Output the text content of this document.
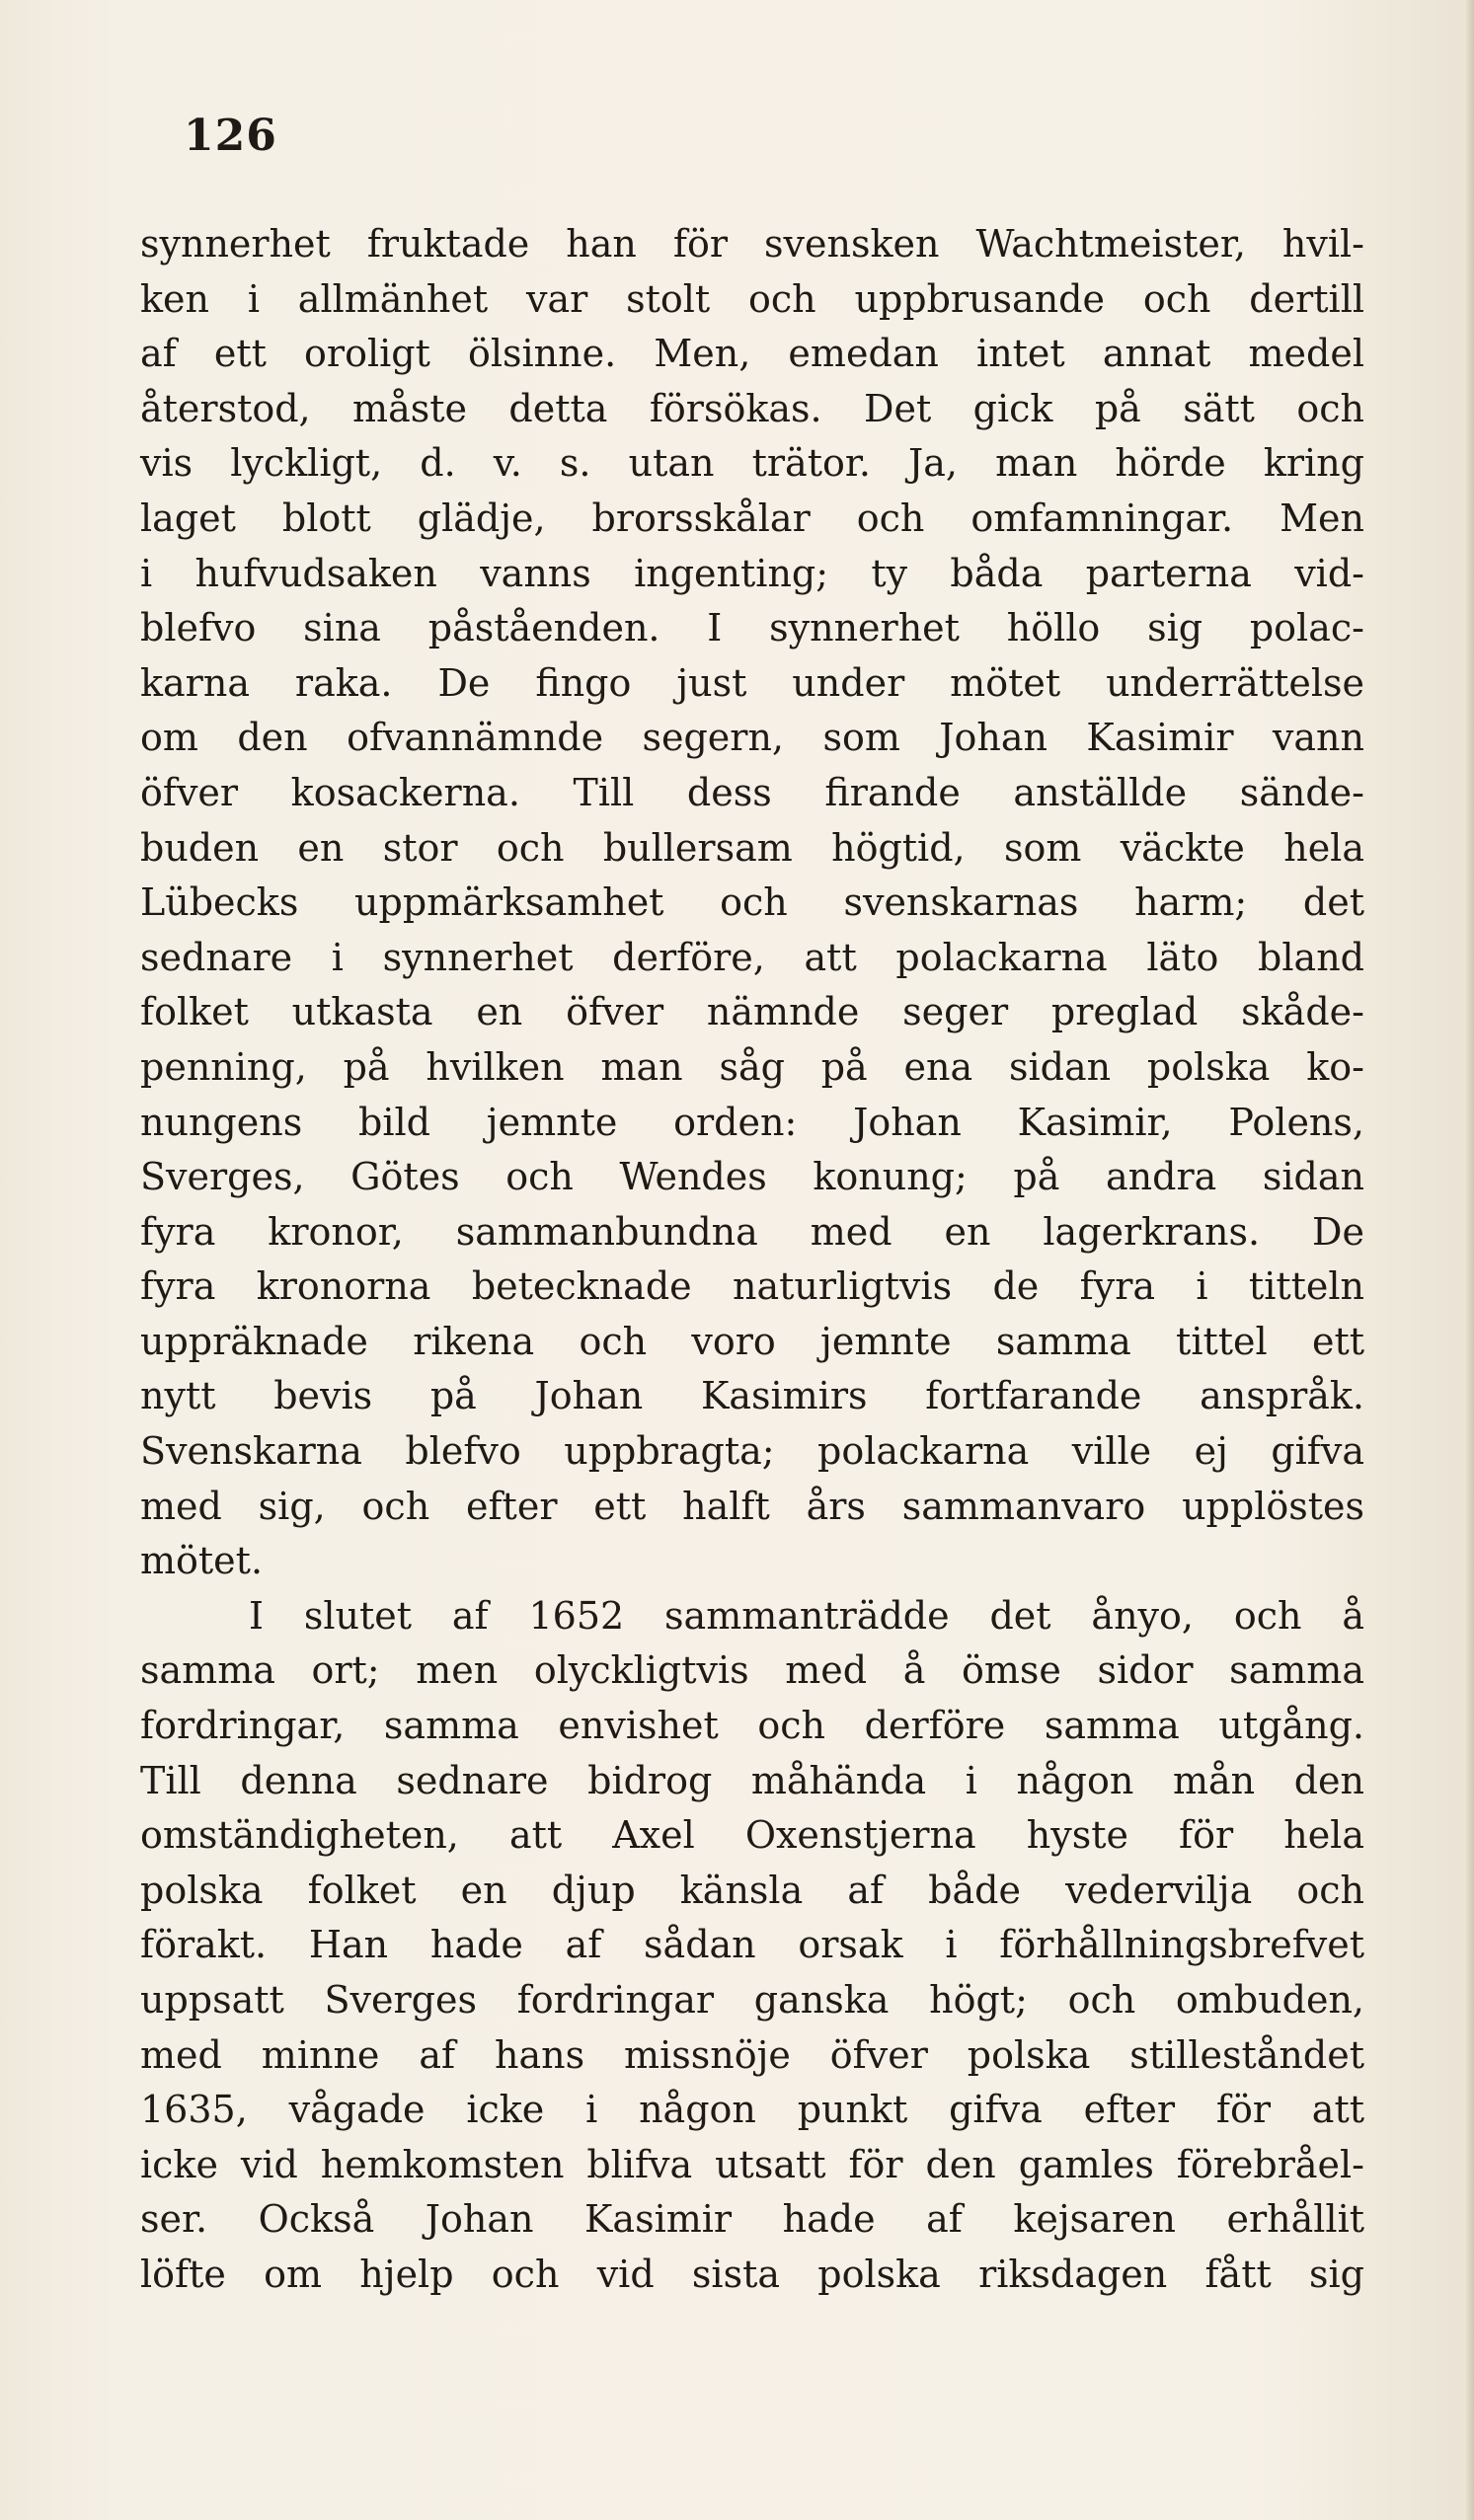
126
synnerhet fruktade han för svensken Wachtmeister, hvil-
ken i allmänhet var stolt och uppbrusande och dertill
af ett oroligt ölsinne. Men, emedan intet annat medel
återstod, måste detta försökas. Det gick på sätt och
vis lyckligt, d. v. s. utan trätor. Ja, man hörde kring
laget blott glädje, brorsskålar och omfamningar. Men
i hufvudsaken vanns ingenting; ty båda parterna vid-
blefvo sina påståenden. I synnerhet höllo sig polac-
karna raka. De fingo just under mötet underrättelse
om den ofvannämnde segern, som Johan Kasimir vann
öfver kosackerna. Till dess firande anställde sände-
buden en stor och bullersam högtid, som väckte hela
Lübecks uppmärksamhet och svenskarnas harm; det
sednare i synnerhet derföre, att polackarna läto bland
folket utkasta en öfver nämnde seger preglad skåde-
penning, på hvilken man såg på ena sidan polska ko-
nungens bild jemnte orden: Johan Kasimir, Polens,
Sverges, Götes och Wendes konung; på andra sidan
fyra kronor, sammanbundna med en lagerkrans. De
fyra kronorna betecknade naturligtvis de fyra i titteln
uppräknade rikena och voro jemnte samma tittel ett
nytt bevis på Johan Kasimirs fortfarande anspråk.
Svenskarna blefvo uppbragta; polackarna ville ej gifva
med sig, och efter ett halft års sammanvaro upplöstes
mötet.
I slutet af 1652 sammanträdde det ånyo, och å
samma ort; men olyckligtvis med å ömse sidor samma
fordringar, samma envishet och derföre samma utgång.
Till denna sednare bidrog måhända i någon mån den
omständigheten, att Axel Oxenstjerna hyste för hela
polska folket en djup känsla af både vedervilja och
förakt. Han hade af sådan orsak i förhållningsbrefvet
uppsatt Sverges fordringar ganska högt; och ombuden,
med minne af hans missnöje öfver polska stilleståndet
1635, vågade icke i någon punkt gifva efter för att
icke vid hemkomsten blifva utsatt för den gamles förebråel-
ser. Också Johan Kasimir hade af kejsaren erhållit
löfte om hjelp och vid sista polska riksdagen fått sig
